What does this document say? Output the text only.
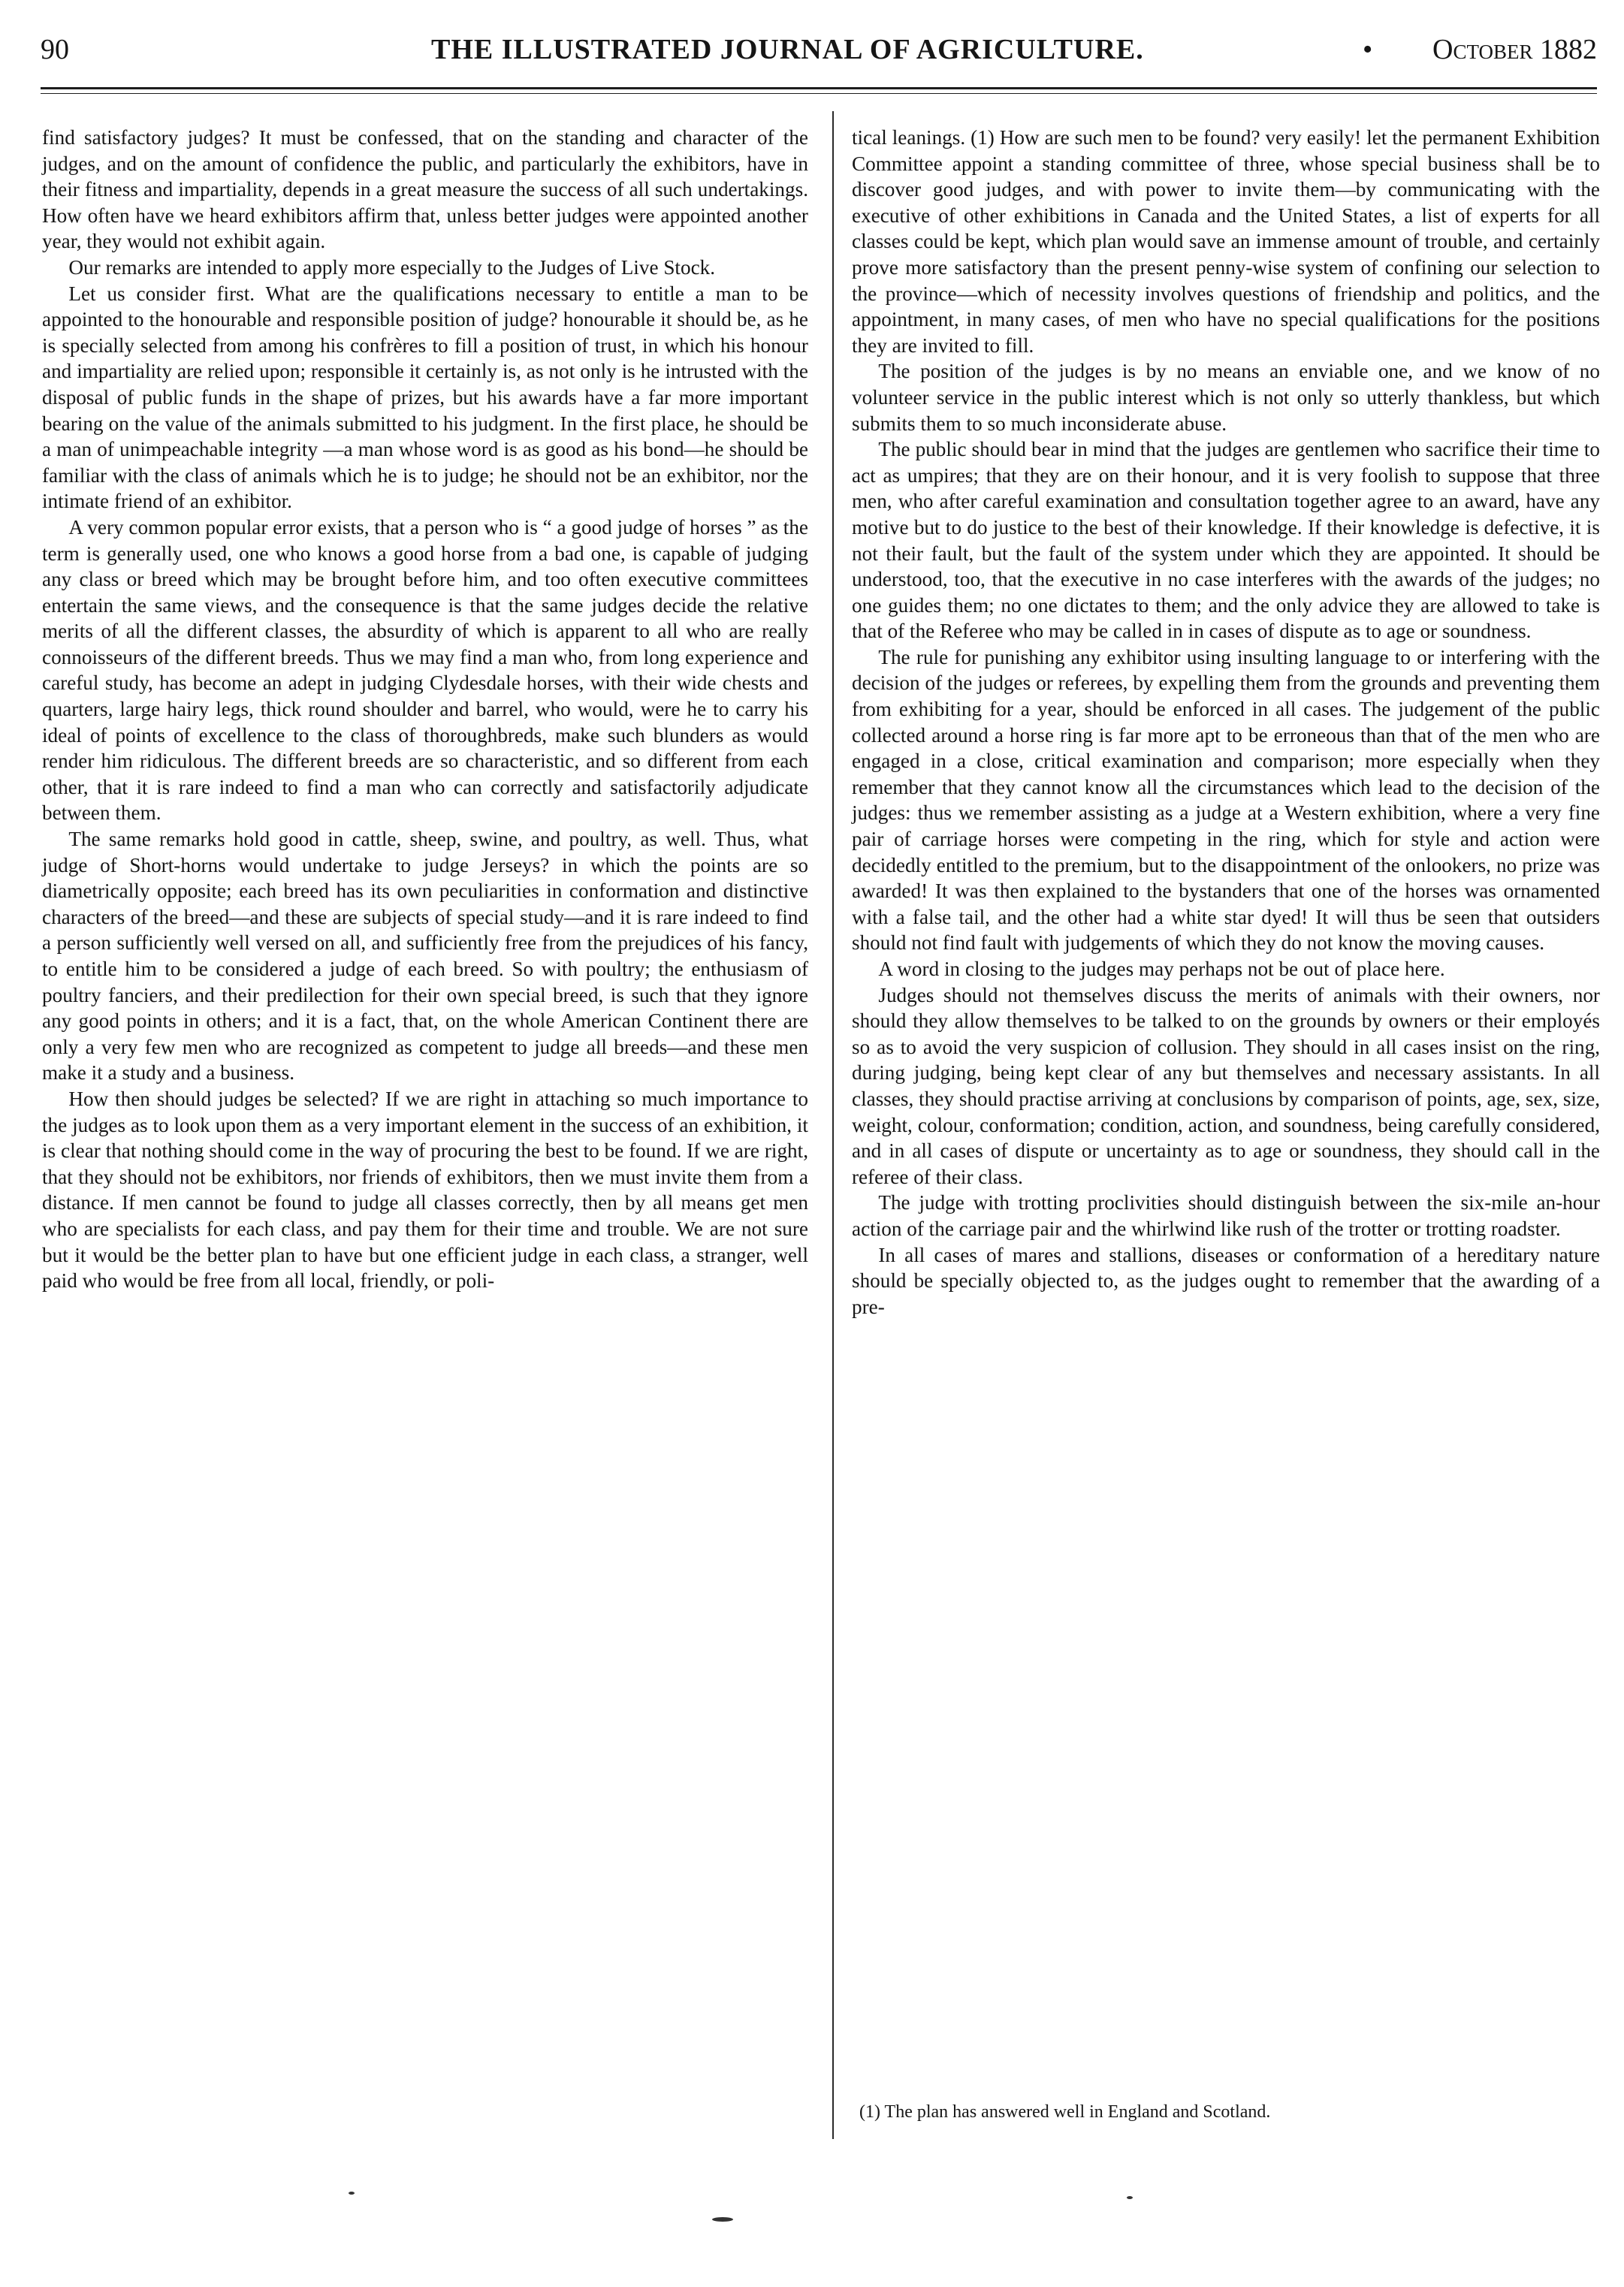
90	THE ILLUSTRATED JOURNAL OF AGRICULTURE.	• October 1882

find satisfactory judges? It must be confessed, that on the standing and character of the judges, and on the amount of confidence the public, and particularly the exhibitors, have in their fitness and impartiality, depends in a great measure the success of all such undertakings. How often have we heard exhibitors affirm that, unless better judges were appointed another year, they would not exhibit again.

Our remarks are intended to apply more especially to the Judges of Live Stock.

Let us consider first. What are the qualifications necessary to entitle a man to be appointed to the honourable and responsible position of judge? honourable it should be, as he is specially selected from among his confrères to fill a position of trust, in which his honour and impartiality are relied upon; responsible it certainly is, as not only is he intrusted with the disposal of public funds in the shape of prizes, but his awards have a far more important bearing on the value of the animals submitted to his judgment. In the first place, he should be a man of unimpeachable integrity —a man whose word is as good as his bond—he should be familiar with the class of animals which he is to judge; he should not be an exhibitor, nor the intimate friend of an exhibitor.

A very common popular error exists, that a person who is “ a good judge of horses ” as the term is generally used, one who knows a good horse from a bad one, is capable of judging any class or breed which may be brought before him, and too often executive committees entertain the same views, and the consequence is that the same judges decide the relative merits of all the different classes, the absurdity of which is apparent to all who are really connoisseurs of the different breeds. Thus we may find a man who, from long experience and careful study, has become an adept in judging Clydesdale horses, with their wide chests and quarters, large hairy legs, thick round shoulder and barrel, who would, were he to carry his ideal of points of excellence to the class of thoroughbreds, make such blunders as would render him ridiculous. The different breeds are so characteristic, and so different from each other, that it is rare indeed to find a man who can correctly and satisfactorily adjudicate between them.

The same remarks hold good in cattle, sheep, swine, and poultry, as well. Thus, what judge of Short-horns would undertake to judge Jerseys? in which the points are so diametrically opposite; each breed has its own peculiarities in conformation and distinctive characters of the breed—and these are subjects of special study—and it is rare indeed to find a person sufficiently well versed on all, and sufficiently free from the prejudices of his fancy, to entitle him to be considered a judge of each breed. So with poultry; the enthusiasm of poultry fanciers, and their predilection for their own special breed, is such that they ignore any good points in others; and it is a fact, that, on the whole American Continent there are only a very few men who are recognized as competent to judge all breeds—and these men make it a study and a business.

How then should judges be selected? If we are right in attaching so much importance to the judges as to look upon them as a very important element in the success of an exhibition, it is clear that nothing should come in the way of procuring the best to be found. If we are right, that they should not be exhibitors, nor friends of exhibitors, then we must invite them from a distance. If men cannot be found to judge all classes correctly, then by all means get men who are specialists for each class, and pay them for their time and trouble. We are not sure but it would be the better plan to have but one efficient judge in each class, a stranger, well paid who would be free from all local, friendly, or poli-

tical leanings. (1) How are such men to be found? very easily! let the permanent Exhibition Committee appoint a standing committee of three, whose special business shall be to discover good judges, and with power to invite them—by communicating with the executive of other exhibitions in Canada and the United States, a list of experts for all classes could be kept, which plan would save an immense amount of trouble, and certainly prove more satisfactory than the present penny-wise system of confining our selection to the province—which of necessity involves questions of friendship and politics, and the appointment, in many cases, of men who have no special qualifications for the positions they are invited to fill.

The position of the judges is by no means an enviable one, and we know of no volunteer service in the public interest which is not only so utterly thankless, but which submits them to so much inconsiderate abuse.

The public should bear in mind that the judges are gentlemen who sacrifice their time to act as umpires; that they are on their honour, and it is very foolish to suppose that three men, who after careful examination and consultation together agree to an award, have any motive but to do justice to the best of their knowledge. If their knowledge is defective, it is not their fault, but the fault of the system under which they are appointed. It should be understood, too, that the executive in no case interferes with the awards of the judges; no one guides them; no one dictates to them; and the only advice they are allowed to take is that of the Referee who may be called in in cases of dispute as to age or soundness.

The rule for punishing any exhibitor using insulting language to or interfering with the decision of the judges or referees, by expelling them from the grounds and preventing them from exhibiting for a year, should be enforced in all cases. The judgement of the public collected around a horse ring is far more apt to be erroneous than that of the men who are engaged in a close, critical examination and comparison; more especially when they remember that they cannot know all the circumstances which lead to the decision of the judges: thus we remember assisting as a judge at a Western exhibition, where a very fine pair of carriage horses were competing in the ring, which for style and action were decidedly entitled to the premium, but to the disappointment of the onlookers, no prize was awarded! It was then explained to the bystanders that one of the horses was ornamented with a false tail, and the other had a white star dyed! It will thus be seen that outsiders should not find fault with judgements of which they do not know the moving causes.

A word in closing to the judges may perhaps not be out of place here.

Judges should not themselves discuss the merits of animals with their owners, nor should they allow themselves to be talked to on the grounds by owners or their employés so as to avoid the very suspicion of collusion. They should in all cases insist on the ring, during judging, being kept clear of any but themselves and necessary assistants. In all classes, they should practise arriving at conclusions by comparison of points, age, sex, size, weight, colour, conformation; condition, action, and soundness, being carefully considered, and in all cases of dispute or uncertainty as to age or soundness, they should call in the referee of their class.

The judge with trotting proclivities should distinguish between the six-mile an-hour action of the carriage pair and the whirlwind like rush of the trotter or trotting roadster.

In all cases of mares and stallions, diseases or conformation of a hereditary nature should be specially objected to, as the judges ought to remember that the awarding of a pre-

(1) The plan has answered well in England and Scotland.
